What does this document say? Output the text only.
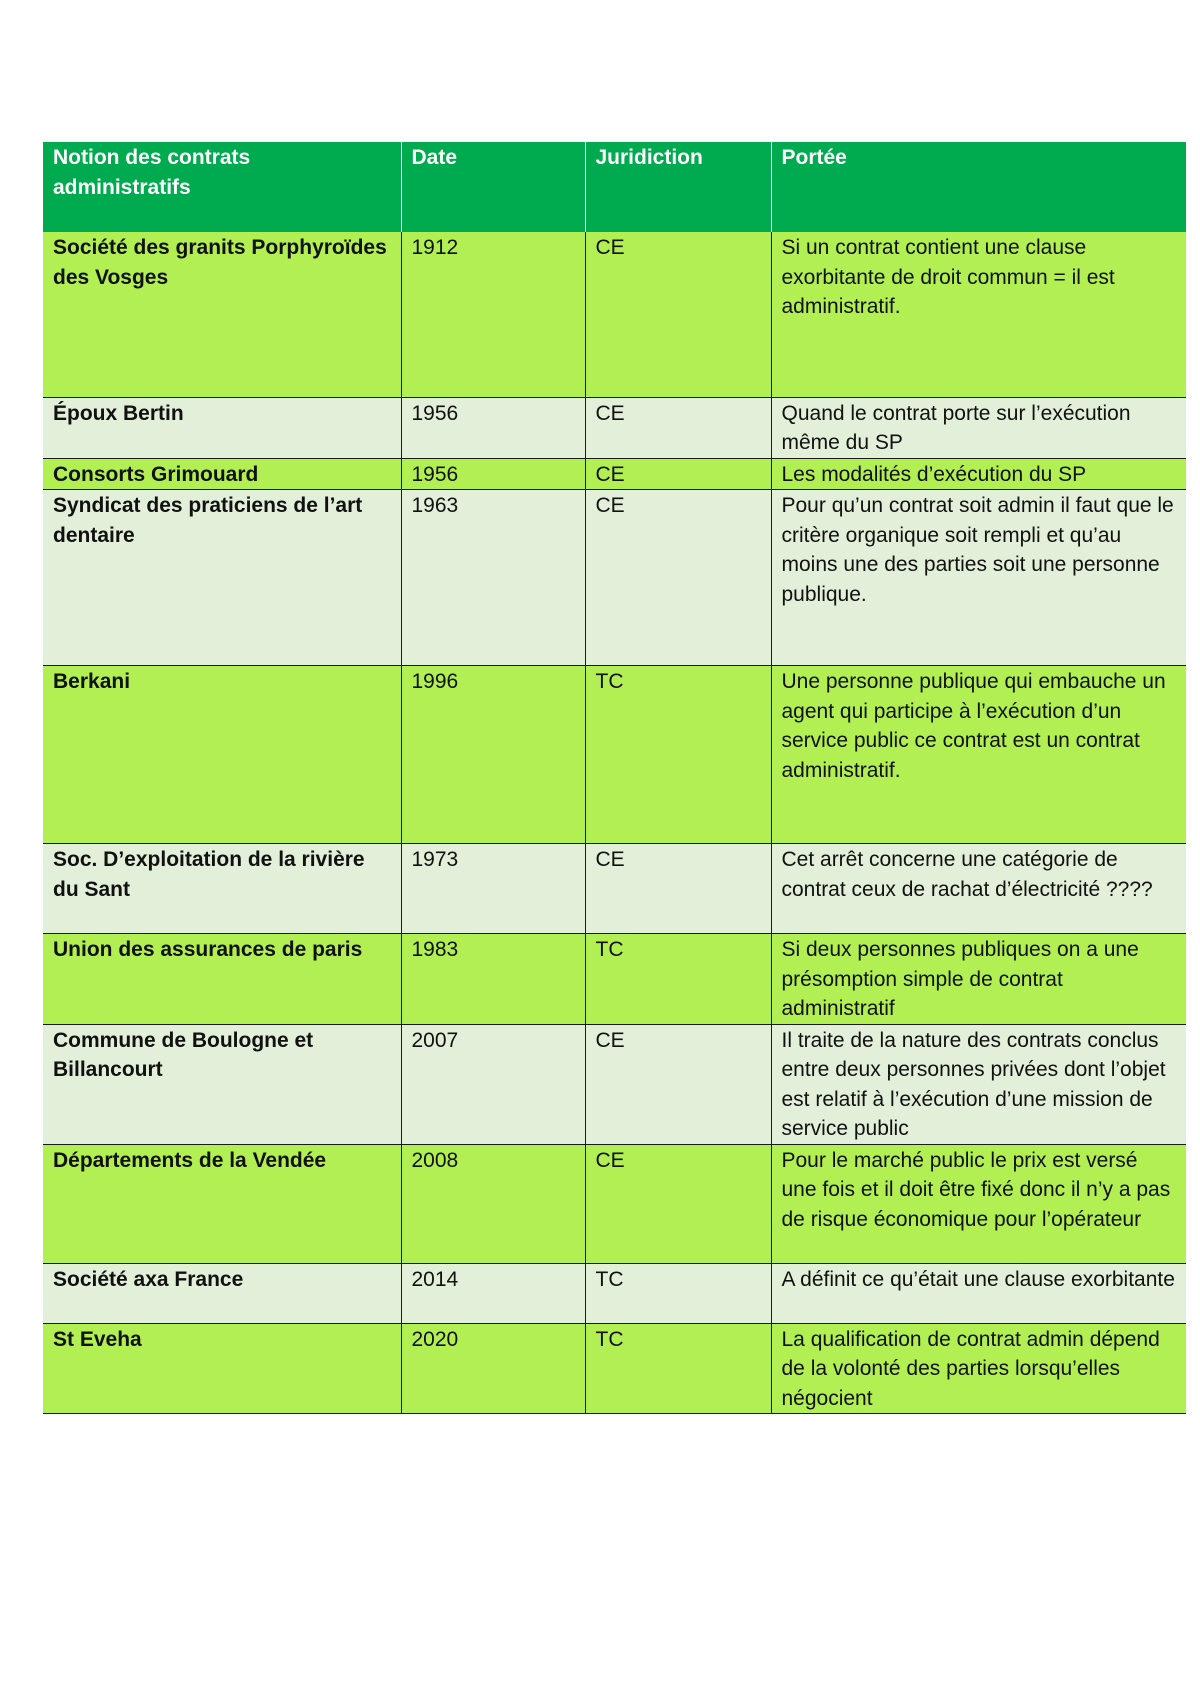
Notion des contrats administratifs	Date	Juridiction	Portée
Société des granits Porphyroïdes des Vosges	1912	CE	Si un contrat contient une clause exorbitante de droit commun = il est administratif.
Époux Bertin	1956	CE	Quand le contrat porte sur l’exécution même du SP
Consorts Grimouard	1956	CE	Les modalités d’exécution du SP
Syndicat des praticiens de l’art dentaire	1963	CE	Pour qu’un contrat soit admin il faut que le critère organique soit rempli et qu’au moins une des parties soit une personne publique.
Berkani	1996	TC	Une personne publique qui embauche un agent qui participe à l’exécution d’un service public ce contrat est un contrat administratif.
Soc. D’exploitation de la rivière du Sant	1973	CE	Cet arrêt concerne une catégorie de contrat ceux de rachat d’électricité ????
Union des assurances de paris	1983	TC	Si deux personnes publiques on a une présomption simple de contrat administratif
Commune de Boulogne et Billancourt	2007	CE	Il traite de la nature des contrats conclus entre deux personnes privées dont l’objet est relatif à l’exécution d’une mission de service public
Départements de la Vendée	2008	CE	Pour le marché public le prix est versé une fois et il doit être fixé donc il n’y a pas de risque économique pour l’opérateur
Société axa France	2014	TC	A définit ce qu’était une clause exorbitante
St Eveha	2020	TC	La qualification de contrat admin dépend de la volonté des parties lorsqu’elles négocient
